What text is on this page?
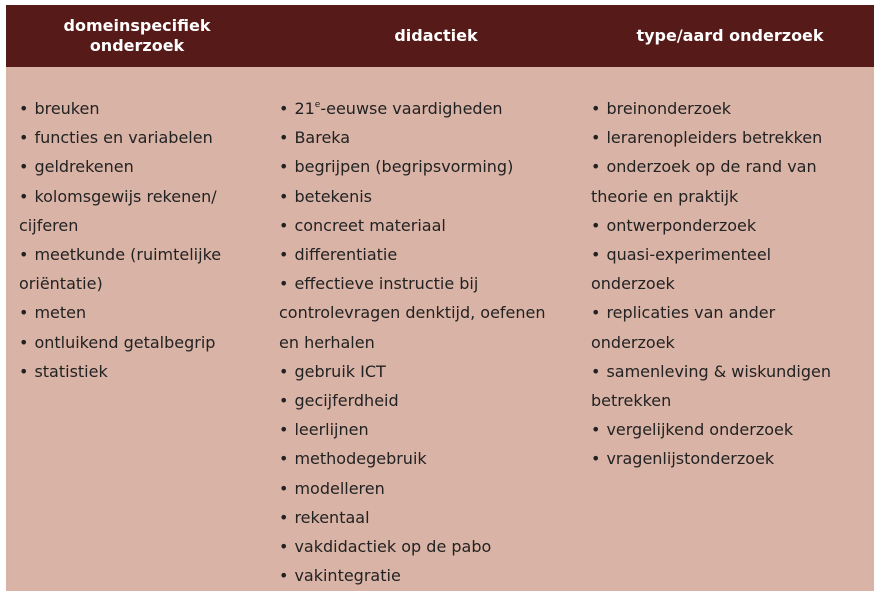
domeinspecifiek
onderzoek
didactiek	type/aard onderzoek
• breuken
• functies en variabelen
• geldrekenen
• kolomsgewijs rekenen/
cijferen
• meetkunde (ruimtelijke
oriëntatie)
• meten
• ontluikend getalbegrip
• statistiek
• 21e-eeuwse vaardigheden
• Bareka
• begrijpen (begripsvorming)
• betekenis
• concreet materiaal
• differentiatie
• effectieve instructie bij
controlevragen denktijd, oefenen
en herhalen
• gebruik ICT
• gecijferdheid
• leerlijnen
• methodegebruik
• modelleren
• rekentaal
• vakdidactiek op de pabo
• vakintegratie
• breinonderzoek
• lerarenopleiders betrekken
• onderzoek op de rand van
theorie en praktijk
• ontwerponderzoek
• quasi-experimenteel
onderzoek
• replicaties van ander
onderzoek
• samenleving & wiskundigen
betrekken
• vergelijkend onderzoek
• vragenlijstonderzoek
